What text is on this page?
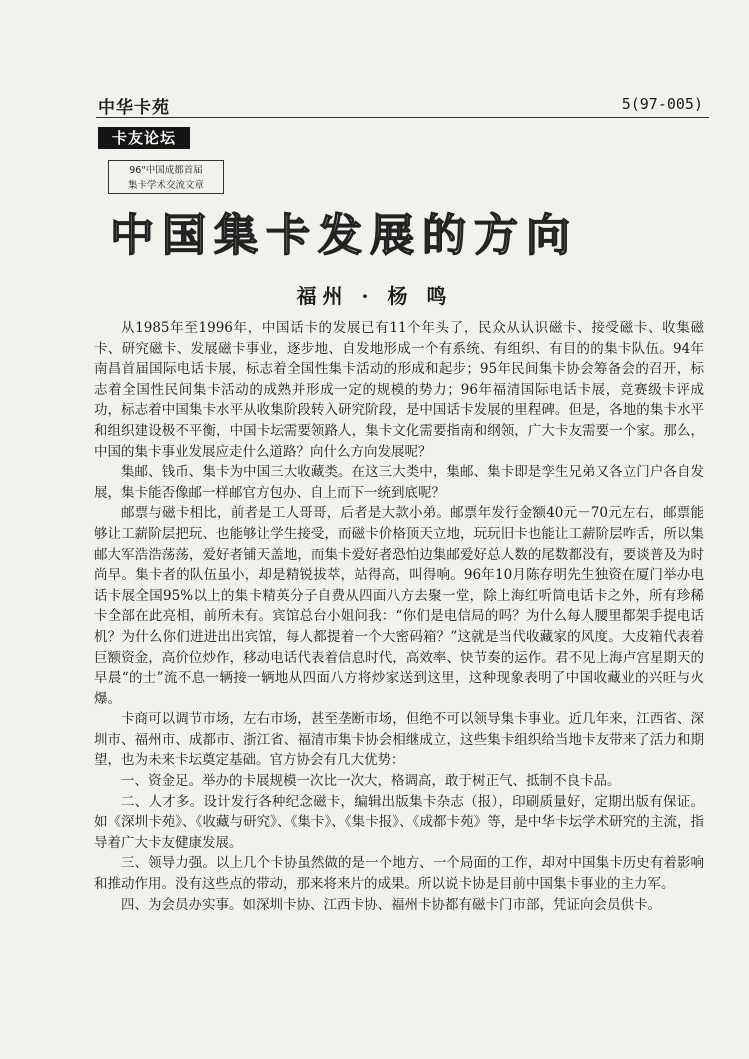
中华卡苑	5(97-005)
卡友论坛
96"中国成都首届
集卡学术交流文章
中国集卡发展的方向
福州 · 杨 鸣

从1985年至1996年，中国话卡的发展已有11个年头了，民众从认识磁卡、接受磁卡、收集磁卡、研究磁卡、发展磁卡事业，逐步地、自发地形成一个有系统、有组织、有目的的集卡队伍。94年南昌首届国际电话卡展，标志着全国性集卡活动的形成和起步；95年民间集卡协会筹备会的召开，标志着全国性民间集卡活动的成熟并形成一定的规模的势力；96年福清国际电话卡展，竞赛级卡评成功，标志着中国集卡水平从收集阶段转入研究阶段，是中国话卡发展的里程碑。但是，各地的集卡水平和组织建设极不平衡，中国卡坛需要领路人，集卡文化需要指南和纲领，广大卡友需要一个家。那么，中国的集卡事业发展应走什么道路？向什么方向发展呢？

集邮、钱币、集卡为中国三大收藏类。在这三大类中，集邮、集卡即是孪生兄弟又各立门户各自发展，集卡能否像邮一样邮官方包办、自上而下一统到底呢？

邮票与磁卡相比，前者是工人哥哥，后者是大款小弟。邮票年发行金额40元－70元左右，邮票能够让工薪阶层把玩、也能够让学生接受，而磁卡价格顶天立地，玩玩旧卡也能让工薪阶层咋舌，所以集邮大军浩浩荡荡，爱好者铺天盖地，而集卡爱好者恐怕边集邮爱好总人数的尾数都没有，要谈普及为时尚早。集卡者的队伍虽小，却是精锐拔萃，站得高，叫得响。96年10月陈存明先生独资在厦门举办电话卡展全国95%以上的集卡精英分子自费从四面八方去聚一堂，除上海红听筒电话卡之外，所有珍稀卡全部在此亮相，前所未有。宾馆总台小姐问我：“你们是电信局的吗？为什么每人腰里都架手提电话机？为什么你们进进出出宾馆，每人都提着一个大密码箱？”这就是当代收藏家的风度。大皮箱代表着巨额资金，高价位炒作，移动电话代表着信息时代，高效率、快节奏的运作。君不见上海卢宫星期天的早晨“的士”流不息一辆接一辆地从四面八方将炒家送到这里，这种现象表明了中国收藏业的兴旺与火爆。

卡商可以调节市场，左右市场，甚至垄断市场，但绝不可以领导集卡事业。近几年来，江西省、深圳市、福州市、成都市、浙江省、福清市集卡协会相继成立，这些集卡组织给当地卡友带来了活力和期望，也为未来卡坛奠定基础。官方协会有几大优势：

一、资金足。举办的卡展规模一次比一次大，格调高，敢于树正气、抵制不良卡品。

二、人才多。设计发行各种纪念磁卡，编辑出版集卡杂志（报），印刷质量好，定期出版有保证。如《深圳卡苑》、《收藏与研究》、《集卡》、《集卡报》、《成都卡苑》等，是中华卡坛学术研究的主流，指导着广大卡友健康发展。

三、领导力强。以上几个卡协虽然做的是一个地方、一个局面的工作，却对中国集卡历史有着影响和推动作用。没有这些点的带动，那来将来片的成果。所以说卡协是目前中国集卡事业的主力军。

四、为会员办实事。如深圳卡协、江西卡协、福州卡协都有磁卡门市部，凭证向会员供卡。
